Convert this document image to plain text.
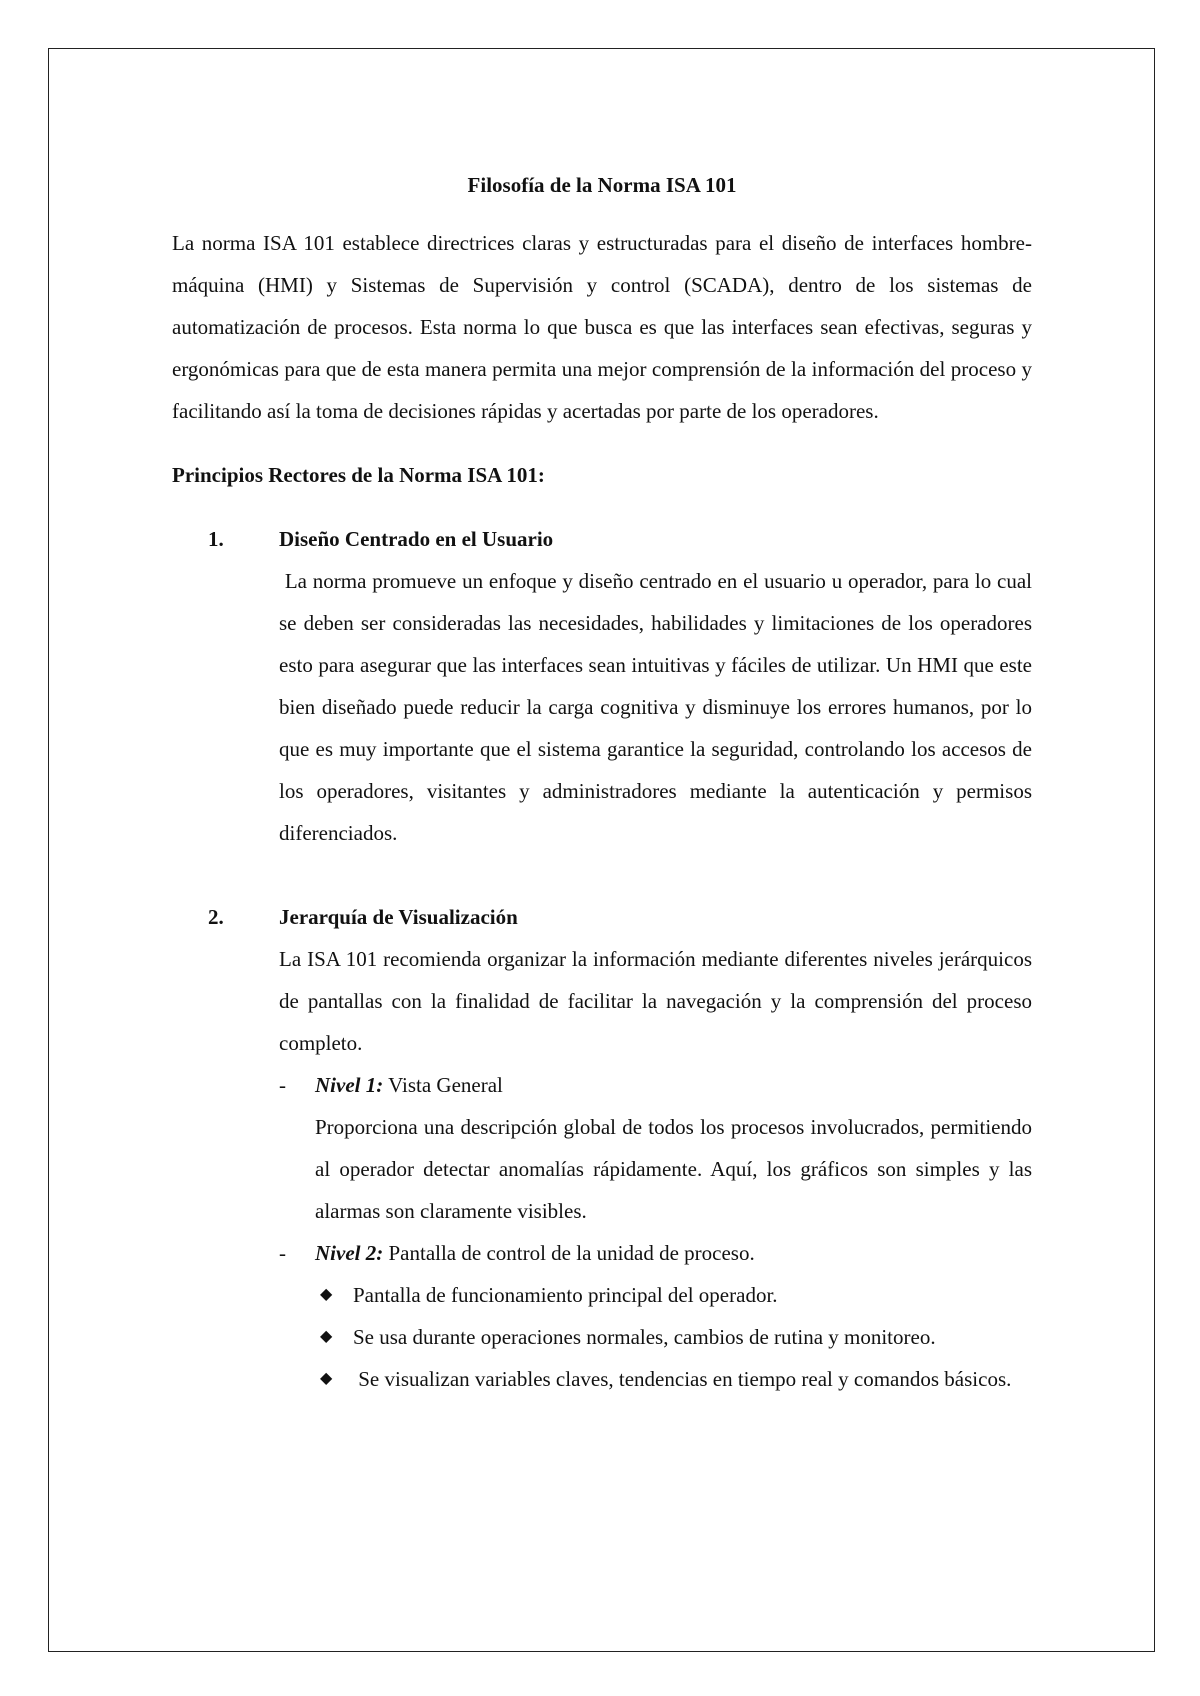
Filosofía de la Norma ISA 101

La norma ISA 101 establece directrices claras y estructuradas para el diseño de interfaces hombre-máquina (HMI) y Sistemas de Supervisión y control (SCADA), dentro de los sistemas de automatización de procesos. Esta norma lo que busca es que las interfaces sean efectivas, seguras y ergonómicas para que de esta manera permita una mejor comprensión de la información del proceso y facilitando así la toma de decisiones rápidas y acertadas por parte de los operadores.

Principios Rectores de la Norma ISA 101:
1.	Diseño Centrado en el Usuario

La norma promueve un enfoque y diseño centrado en el usuario u operador, para lo cual se deben ser consideradas las necesidades, habilidades y limitaciones de los operadores esto para asegurar que las interfaces sean intuitivas y fáciles de utilizar. Un HMI que este bien diseñado puede reducir la carga cognitiva y disminuye los errores humanos, por lo que es muy importante que el sistema garantice la seguridad, controlando los accesos de los operadores, visitantes y administradores mediante la autenticación y permisos diferenciados.

2.	Jerarquía de Visualización

La ISA 101 recomienda organizar la información mediante diferentes niveles jerárquicos de pantallas con la finalidad de facilitar la navegación y la comprensión del proceso completo.

- Nivel 1: Vista General

Proporciona una descripción global de todos los procesos involucrados, permitiendo al operador detectar anomalías rápidamente. Aquí, los gráficos son simples y las alarmas son claramente visibles.

- Nivel 2: Pantalla de control de la unidad de proceso.
◆ Pantalla de funcionamiento principal del operador.
◆ Se usa durante operaciones normales, cambios de rutina y monitoreo.
◆ Se visualizan variables claves, tendencias en tiempo real y comandos básicos.
